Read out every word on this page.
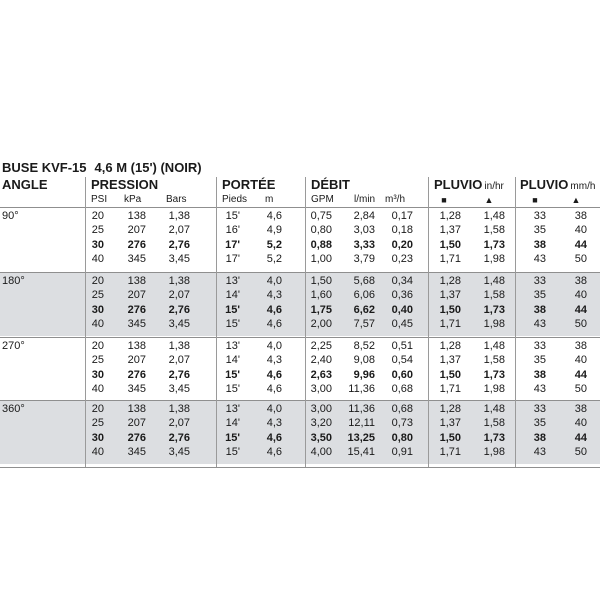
BUSE KVF-15 4,6 M (15') (NOIR)
ANGLE	PRESSION	PORTÉE	DÉBIT	PLUVIO in/hr PLUVIO mm/h
PSI kPa Bars	Pieds m	GPM l/min m³/h	■	▲	■	▲
90°	20	138	1,38	15'	4,6	0,75	2,84	0,17	1,28	1,48	33	38
25	207	2,07	16'	4,9	0,80	3,03	0,18	1,37	1,58	35	40
30	276	2,76	17'	5,2	0,88	3,33	0,20	1,50	1,73	38	44
40	345	3,45	17'	5,2	1,00	3,79	0,23	1,71	1,98	43	50
180°	20	138	1,38	13'	4,0	1,50	5,68	0,34	1,28	1,48	33	38
25	207	2,07	14'	4,3	1,60	6,06	0,36	1,37	1,58	35	40
30	276	2,76	15'	4,6	1,75	6,62	0,40	1,50	1,73	38	44
40	345	3,45	15'	4,6	2,00	7,57	0,45	1,71	1,98	43	50
270°	20	138	1,38	13'	4,0	2,25	8,52	0,51	1,28	1,48	33	38
25	207	2,07	14'	4,3	2,40	9,08	0,54	1,37	1,58	35	40
30	276	2,76	15'	4,6	2,63	9,96	0,60	1,50	1,73	38	44
40	345	3,45	15'	4,6	3,00	11,36	0,68	1,71	1,98	43	50
360°	20	138	1,38	13'	4,0	3,00	11,36	0,68	1,28	1,48	33	38
25	207	2,07	14'	4,3	3,20	12,11	0,73	1,37	1,58	35	40
30	276	2,76	15'	4,6	3,50	13,25	0,80	1,50	1,73	38	44
40	345	3,45	15'	4,6	4,00	15,41	0,91	1,71	1,98	43	50
